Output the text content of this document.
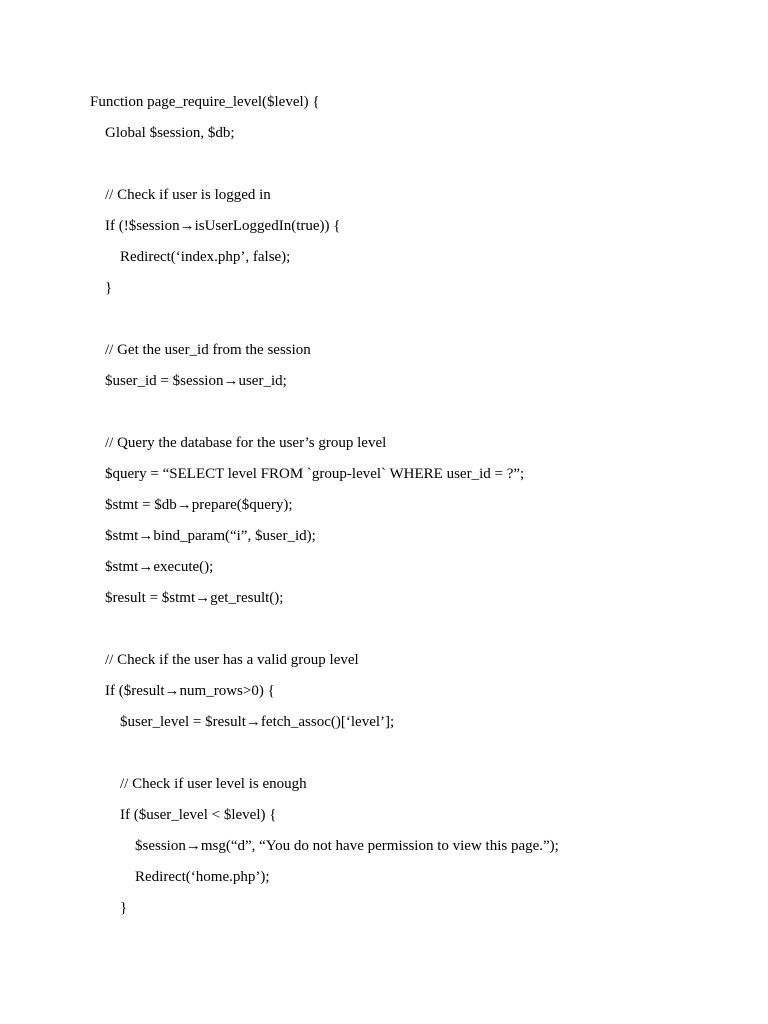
Function page_require_level($level) {
Global $session, $db;
// Check if user is logged in
If (!$session→isUserLoggedIn(true)) {
Redirect(‘index.php’, false);
}
// Get the user_id from the session
$user_id = $session→user_id;
// Query the database for the user’s group level
$query = “SELECT level FROM `group-level` WHERE user_id = ?”;
$stmt = $db→prepare($query);
$stmt→bind_param(“i”, $user_id);
$stmt→execute();
$result = $stmt→get_result();
// Check if the user has a valid group level
If ($result→num_rows>0) {
$user_level = $result→fetch_assoc()[‘level’];
// Check if user level is enough
If ($user_level < $level) {
$session→msg(“d”, “You do not have permission to view this page.”);
Redirect(‘home.php’);
}
